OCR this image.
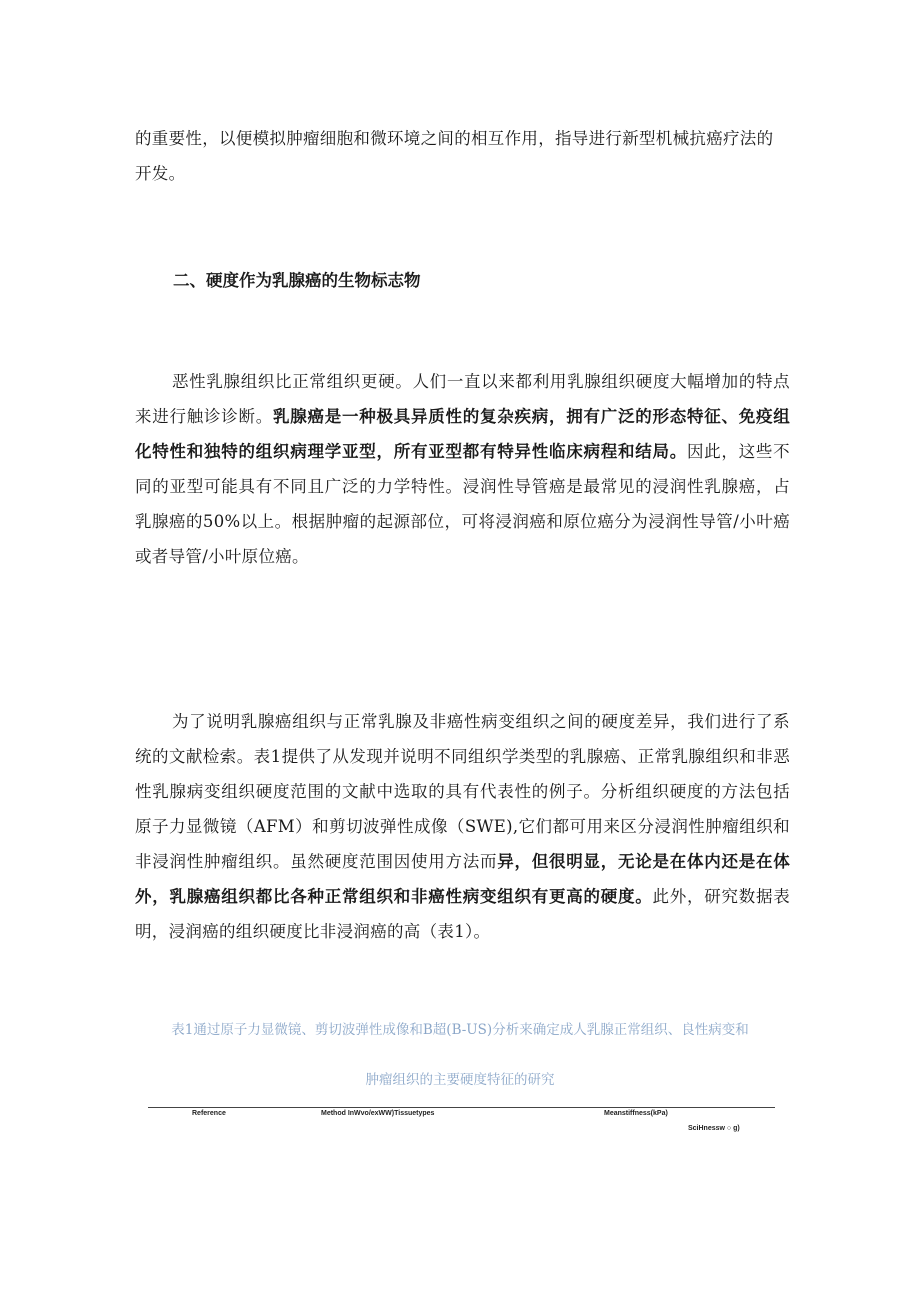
的重要性，以便模拟肿瘤细胞和微环境之间的相互作用，指导进行新型机械抗癌疗法的
开发。

二、硬度作为乳腺癌的生物标志物

恶性乳腺组织比正常组织更硬。人们一直以来都利用乳腺组织硬度大幅增加的特点来进行触诊诊断。乳腺癌是一种极具异质性的复杂疾病，拥有广泛的形态特征、免疫组化特性和独特的组织病理学亚型，所有亚型都有特异性临床病程和结局。因此，这些不同的亚型可能具有不同且广泛的力学特性。浸润性导管癌是最常见的浸润性乳腺癌，占乳腺癌的50%以上。根据肿瘤的起源部位，可将浸润癌和原位癌分为浸润性导管/小叶癌或者导管/小叶原位癌。

为了说明乳腺癌组织与正常乳腺及非癌性病变组织之间的硬度差异，我们进行了系统的文献检索。表1提供了从发现并说明不同组织学类型的乳腺癌、正常乳腺组织和非恶性乳腺病变组织硬度范围的文献中选取的具有代表性的例子。分析组织硬度的方法包括原子力显微镜（AFM）和剪切波弹性成像（SWE),它们都可用来区分浸润性肿瘤组织和非浸润性肿瘤组织。虽然硬度范围因使用方法而异，但很明显，无论是在体内还是在体外，乳腺癌组织都比各种正常组织和非癌性病变组织有更高的硬度。此外，研究数据表明，浸润癌的组织硬度比非浸润癌的高（表1）。

表1通过原子力显微镜、剪切波弹性成像和B超(B-US)分析来确定成人乳腺正常组织、良性病变和

肿瘤组织的主要硬度特征的研究

Reference	Method InWvo/exWW)Tissuetypes	Meanstiffness(kPa)
SciHnessw ○ g)
